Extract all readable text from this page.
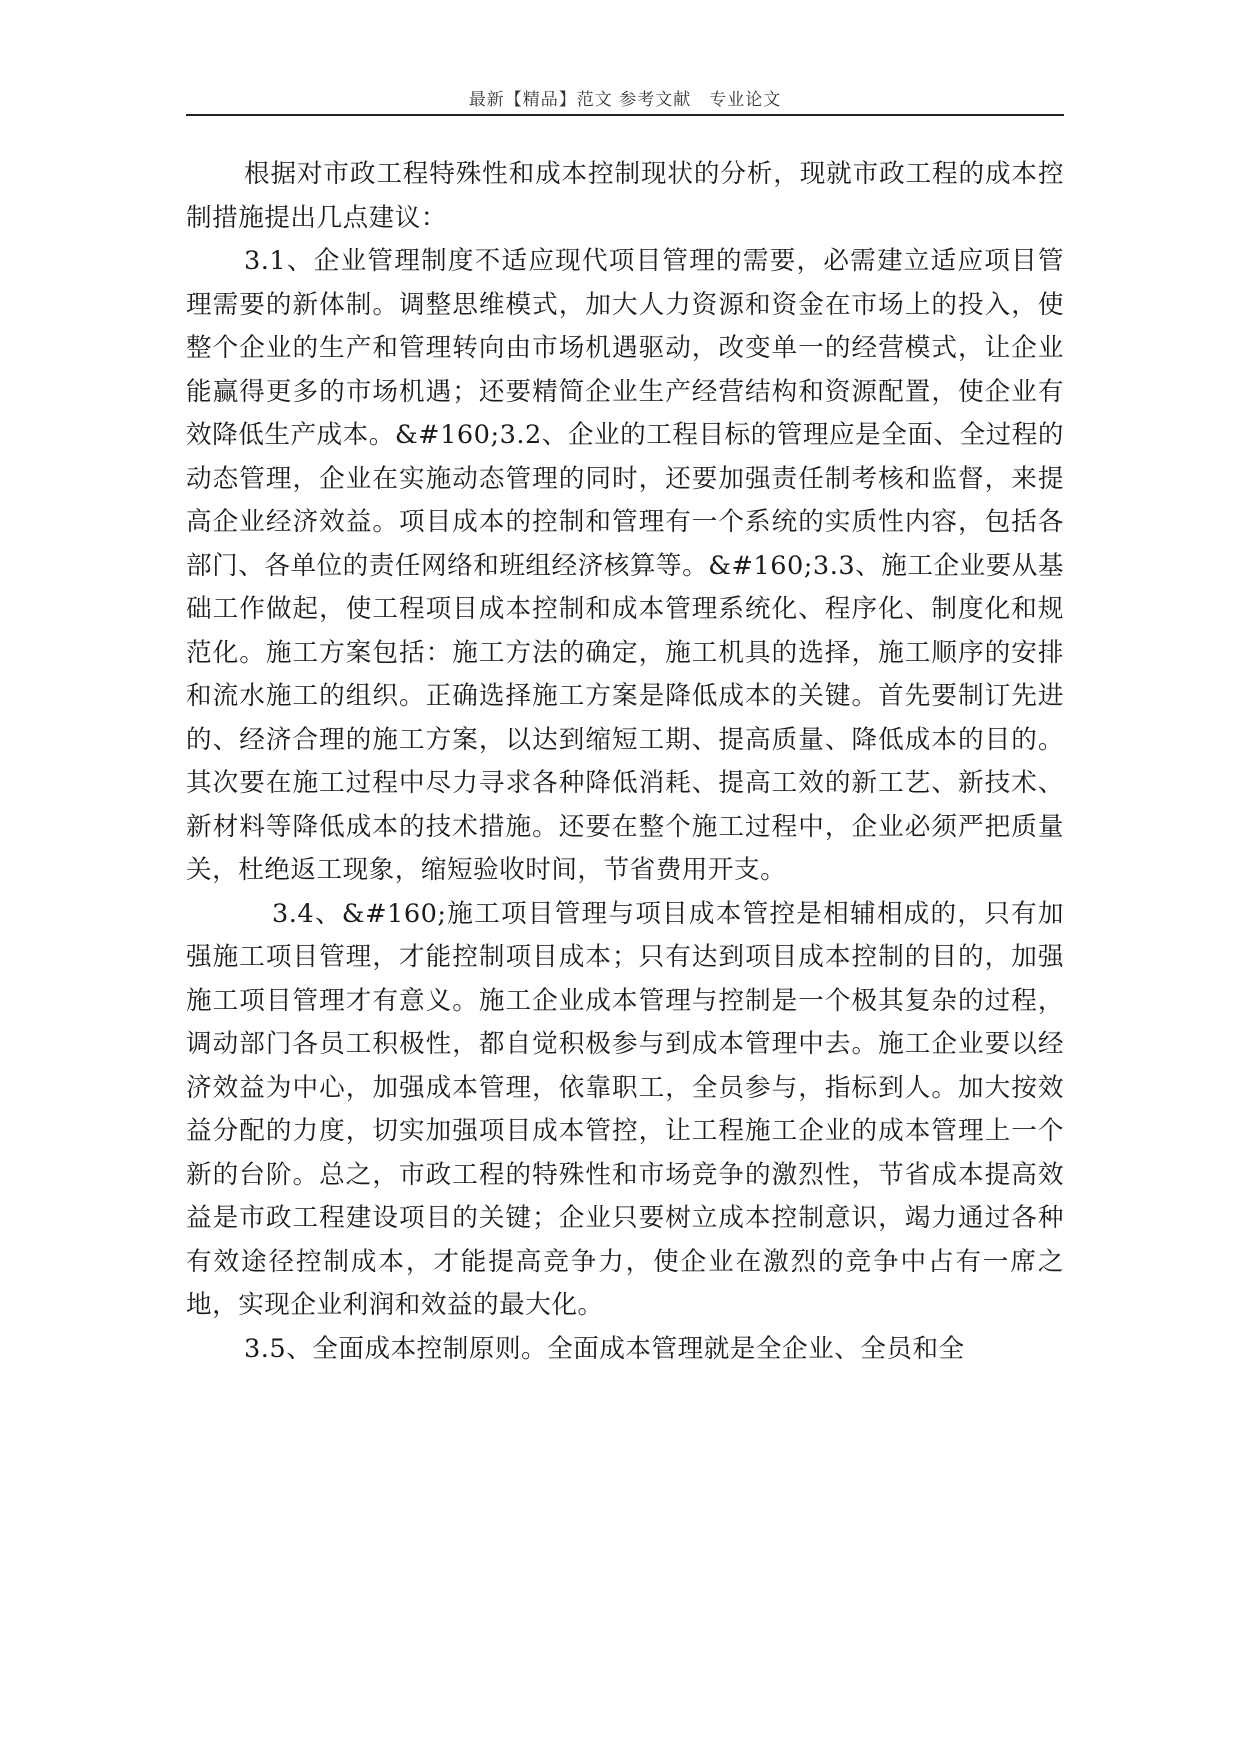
最新【精品】范文 参考文献　专业论文

根据对市政工程特殊性和成本控制现状的分析，现就市政工程的成本控制措施提出几点建议：

3.1、企业管理制度不适应现代项目管理的需要，必需建立适应项目管理需要的新体制。调整思维模式，加大人力资源和资金在市场上的投入，使整个企业的生产和管理转向由市场机遇驱动，改变单一的经营模式，让企业能赢得更多的市场机遇；还要精简企业生产经营结构和资源配置，使企业有效降低生产成本。&#160;3.2、企业的工程目标的管理应是全面、全过程的动态管理，企业在实施动态管理的同时，还要加强责任制考核和监督，来提高企业经济效益。项目成本的控制和管理有一个系统的实质性内容，包括各部门、各单位的责任网络和班组经济核算等。&#160;3.3、施工企业要从基础工作做起，使工程项目成本控制和成本管理系统化、程序化、制度化和规范化。施工方案包括：施工方法的确定，施工机具的选择，施工顺序的安排和流水施工的组织。正确选择施工方案是降低成本的关键。首先要制订先进的、经济合理的施工方案，以达到缩短工期、提高质量、降低成本的目的。其次要在施工过程中尽力寻求各种降低消耗、提高工效的新工艺、新技术、新材料等降低成本的技术措施。还要在整个施工过程中，企业必须严把质量关，杜绝返工现象，缩短验收时间，节省费用开支。

3.4、&#160;施工项目管理与项目成本管控是相辅相成的，只有加强施工项目管理，才能控制项目成本；只有达到项目成本控制的目的，加强施工项目管理才有意义。施工企业成本管理与控制是一个极其复杂的过程，调动部门各员工积极性，都自觉积极参与到成本管理中去。施工企业要以经济效益为中心，加强成本管理，依靠职工，全员参与，指标到人。加大按效益分配的力度，切实加强项目成本管控，让工程施工企业的成本管理上一个新的台阶。总之，市政工程的特殊性和市场竞争的激烈性，节省成本提高效益是市政工程建设项目的关键；企业只要树立成本控制意识，竭力通过各种有效途径控制成本，才能提高竞争力，使企业在激烈的竞争中占有一席之地，实现企业利润和效益的最大化。

3.5、全面成本控制原则。全面成本管理就是全企业、全员和全
